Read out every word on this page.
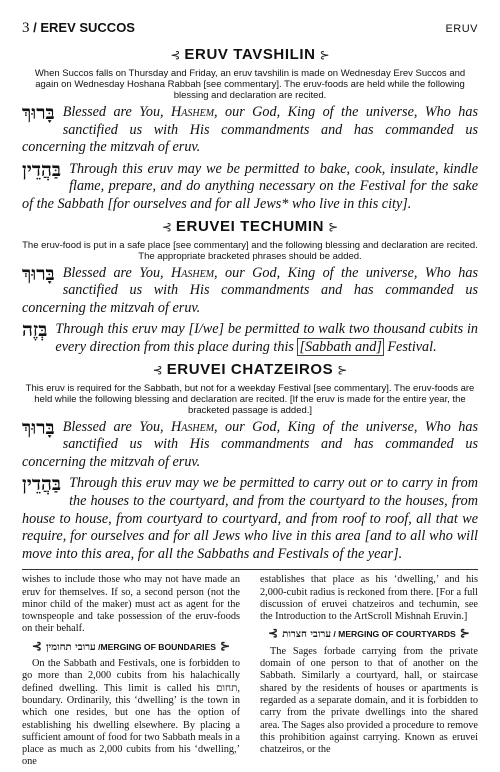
3 / EREV SUCCOS	ERUV
⊰ ERUV TAVSHILIN ⊱
When Succos falls on Thursday and Friday, an eruv tavshilin is made on Wednesday Erev Succos and again on Wednesday Hoshana Rabbah [see commentary]. The eruv-foods are held while the following blessing and declaration are recited.
בָּרוּךְ Blessed are You, Hashem, our God, King of the universe, Who has sanctified us with His commandments and has commanded us concerning the mitzvah of eruv.
בַּהֲדֵין Through this eruv may we be permitted to bake, cook, insulate, kindle flame, prepare, and do anything necessary on the Festival for the sake of the Sabbath [for ourselves and for all Jews* who live in this city].
⊰ ERUVEI TECHUMIN ⊱
The eruv-food is put in a safe place [see commentary] and the following blessing and declaration are recited. The appropriate bracketed phrases should be added.
בָּרוּךְ Blessed are You, Hashem, our God, King of the universe, Who has sanctified us with His commandments and has commanded us concerning the mitzvah of eruv.
בְּזֶה Through this eruv may [I/we] be permitted to walk two thousand cubits in every direction from this place during this [Sabbath and] Festival.
⊰ ERUVEI CHATZEIROS ⊱
This eruv is required for the Sabbath, but not for a weekday Festival [see commentary]. The eruv-foods are held while the following blessing and declaration are recited. [If the eruv is made for the entire year, the bracketed passage is added.]
בָּרוּךְ Blessed are You, Hashem, our God, King of the universe, Who has sanctified us with His commandments and has commanded us concerning the mitzvah of eruv.
בַּהֲדֵין Through this eruv may we be permitted to carry out or to carry in from the houses to the courtyard, and from the courtyard to the houses, from house to house, from courtyard to courtyard, and from roof to roof, all that we require, for ourselves and for all Jews who live in this area [and to all who will move into this area, for all the Sabbaths and Festivals of the year].

wishes to include those who may not have made an eruv for themselves. If so, a second person (not the minor child of the maker) must act as agent for the townspeople and take possession of the eruv-foods on their behalf.

⊰ ערובי תחומין /MERGING OF BOUNDARIES ⊱

On the Sabbath and Festivals, one is forbidden to go more than 2,000 cubits from his halachically defined dwelling. This limit is called his תחום, boundary. Ordinarily, this ‘dwelling’ is the town in which one resides, but one has the option of establishing his dwelling elsewhere. By placing a sufficient amount of food for two Sabbath meals in a place as much as 2,000 cubits from his ‘dwelling,’ one

establishes that place as his ‘dwelling,’ and his 2,000-cubit radius is reckoned from there. [For a full discussion of eruvei chatzeiros and techumin, see the Introduction to the ArtScroll Mishnah Eruvin.]

⊰ ערובי חצרות / MERGING OF COURTYARDS ⊱

The Sages forbade carrying from the private domain of one person to that of another on the Sabbath. Similarly a courtyard, hall, or staircase shared by the residents of houses or apartments is regarded as a separate domain, and it is forbidden to carry from the private dwellings into the shared area. The Sages also provided a procedure to remove this prohibition against carrying. Known as eruvei chatzeiros, or the
